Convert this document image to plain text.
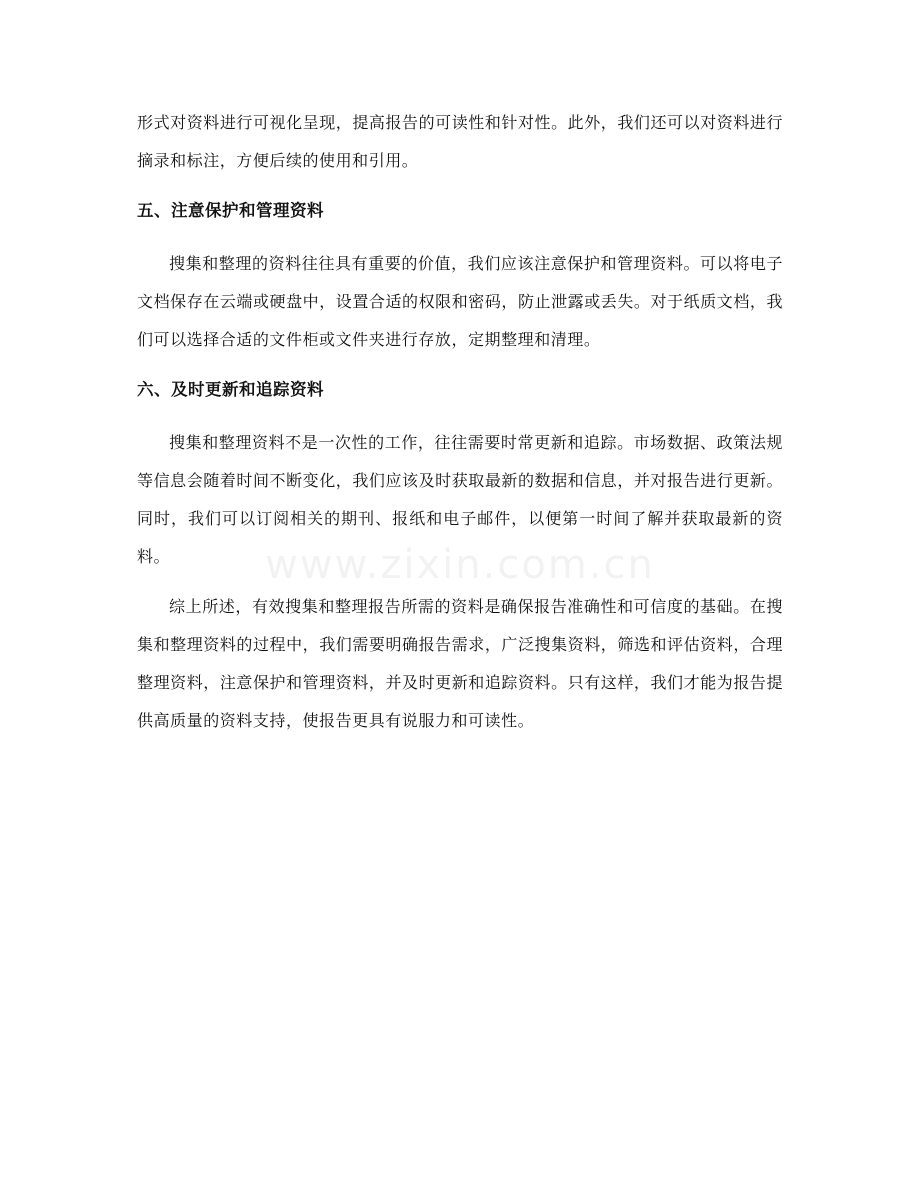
形式对资料进行可视化呈现，提高报告的可读性和针对性。此外，我们还可以对资料进行摘录和标注，方便后续的使用和引用。

五、注意保护和管理资料

搜集和整理的资料往往具有重要的价值，我们应该注意保护和管理资料。可以将电子文档保存在云端或硬盘中，设置合适的权限和密码，防止泄露或丢失。对于纸质文档，我们可以选择合适的文件柜或文件夹进行存放，定期整理和清理。

六、及时更新和追踪资料

搜集和整理资料不是一次性的工作，往往需要时常更新和追踪。市场数据、政策法规等信息会随着时间不断变化，我们应该及时获取最新的数据和信息，并对报告进行更新。同时，我们可以订阅相关的期刊、报纸和电子邮件，以便第一时间了解并获取最新的资料。

综上所述，有效搜集和整理报告所需的资料是确保报告准确性和可信度的基础。在搜集和整理资料的过程中，我们需要明确报告需求，广泛搜集资料，筛选和评估资料，合理整理资料，注意保护和管理资料，并及时更新和追踪资料。只有这样，我们才能为报告提供高质量的资料支持，使报告更具有说服力和可读性。

www.zixin.com.cn
